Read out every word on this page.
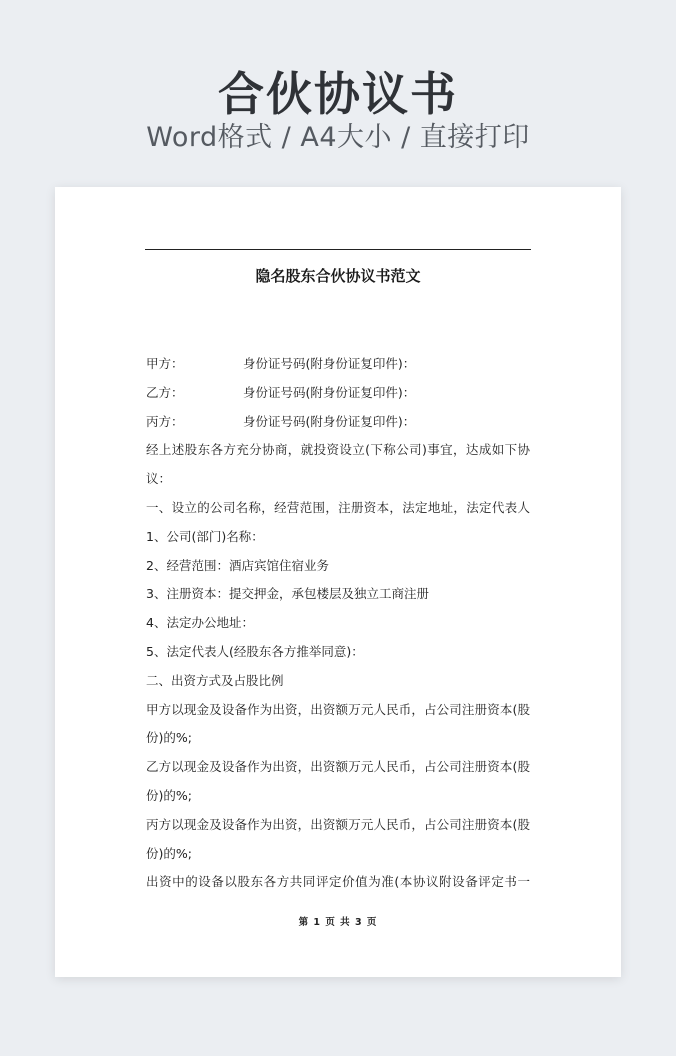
合伙协议书
Word格式 / A4大小 / 直接打印
隐名股东合伙协议书范文
甲方：	身份证号码(附身份证复印件)：
乙方：	身份证号码(附身份证复印件)：
丙方：	身份证号码(附身份证复印件)：
经上述股东各方充分协商，就投资设立(下称公司)事宜，达成如下协
议：
一、设立的公司名称，经营范围，注册资本，法定地址，法定代表人
1、公司(部门)名称：
2、经营范围：酒店宾馆住宿业务
3、注册资本：提交押金，承包楼层及独立工商注册
4、法定办公地址：
5、法定代表人(经股东各方推举同意)：
二、出资方式及占股比例
甲方以现金及设备作为出资，出资额万元人民币，占公司注册资本(股
份)的%;
乙方以现金及设备作为出资，出资额万元人民币，占公司注册资本(股
份)的%;
丙方以现金及设备作为出资，出资额万元人民币，占公司注册资本(股
份)的%;
出资中的设备以股东各方共同评定价值为准(本协议附设备评定书一
第 1 页 共 3 页
